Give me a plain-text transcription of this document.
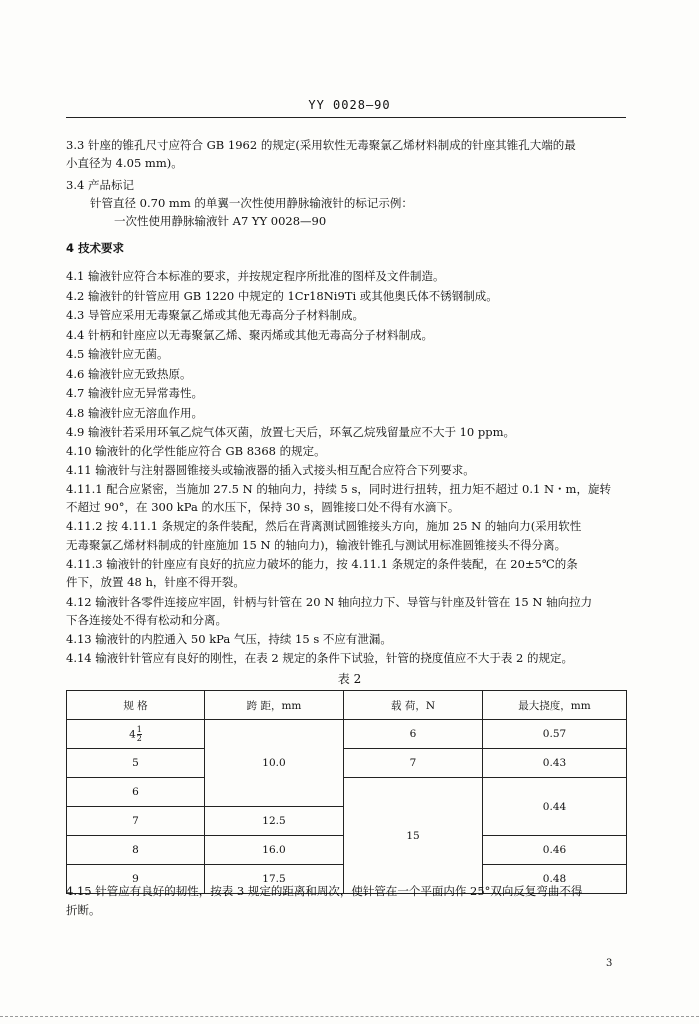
YY 0028—90
3.3 针座的锥孔尺寸应符合 GB 1962 的规定(采用软性无毒聚氯乙烯材料制成的针座其锥孔大端的最
小直径为 4.05 mm)。
3.4 产品标记
针管直径 0.70 mm 的单翼一次性使用静脉输液针的标记示例：
一次性使用静脉输液针 A7 YY 0028—90
4 技术要求
4.1 输液针应符合本标准的要求，并按规定程序所批准的图样及文件制造。
4.2 输液针的针管应用 GB 1220 中规定的 1Cr18Ni9Ti 或其他奥氏体不锈钢制成。
4.3 导管应采用无毒聚氯乙烯或其他无毒高分子材料制成。
4.4 针柄和针座应以无毒聚氯乙烯、聚丙烯或其他无毒高分子材料制成。
4.5 输液针应无菌。
4.6 输液针应无致热原。
4.7 输液针应无异常毒性。
4.8 输液针应无溶血作用。
4.9 输液针若采用环氧乙烷气体灭菌，放置七天后，环氧乙烷残留量应不大于 10 ppm。
4.10 输液针的化学性能应符合 GB 8368 的规定。
4.11 输液针与注射器圆锥接头或输液器的插入式接头相互配合应符合下列要求。
4.11.1 配合应紧密，当施加 27.5 N 的轴向力，持续 5 s，同时进行扭转，扭力矩不超过 0.1 N・m，旋转
不超过 90°，在 300 kPa 的水压下，保持 30 s，圆锥接口处不得有水滴下。
4.11.2 按 4.11.1 条规定的条件装配，然后在背离测试圆锥接头方向，施加 25 N 的轴向力(采用软性
无毒聚氯乙烯材料制成的针座施加 15 N 的轴向力)，输液针锥孔与测试用标准圆锥接头不得分离。
4.11.3 输液针的针座应有良好的抗应力破坏的能力，按 4.11.1 条规定的条件装配，在 20±5℃的条
件下，放置 48 h，针座不得开裂。
4.12 输液针各零件连接应牢固，针柄与针管在 20 N 轴向拉力下、导管与针座及针管在 15 N 轴向拉力
下各连接处不得有松动和分离。
4.13 输液针的内腔通入 50 kPa 气压，持续 15 s 不应有泄漏。
4.14 输液针针管应有良好的刚性，在表 2 规定的条件下试验，针管的挠度值应不大于表 2 的规定。
表 2
规 格	跨 距，mm	载 荷，N	最大挠度，mm
$4 \frac{1}{2}$	10.0	6	0.57
5		7	0.43
6		15	0.44
7	12.5		
8	16.0		0.46
9	17.5		0.48
4.15 针管应有良好的韧性，按表 3 规定的距离和周次，使针管在一个平面内作 25°双向反复弯曲不得
折断。
3
